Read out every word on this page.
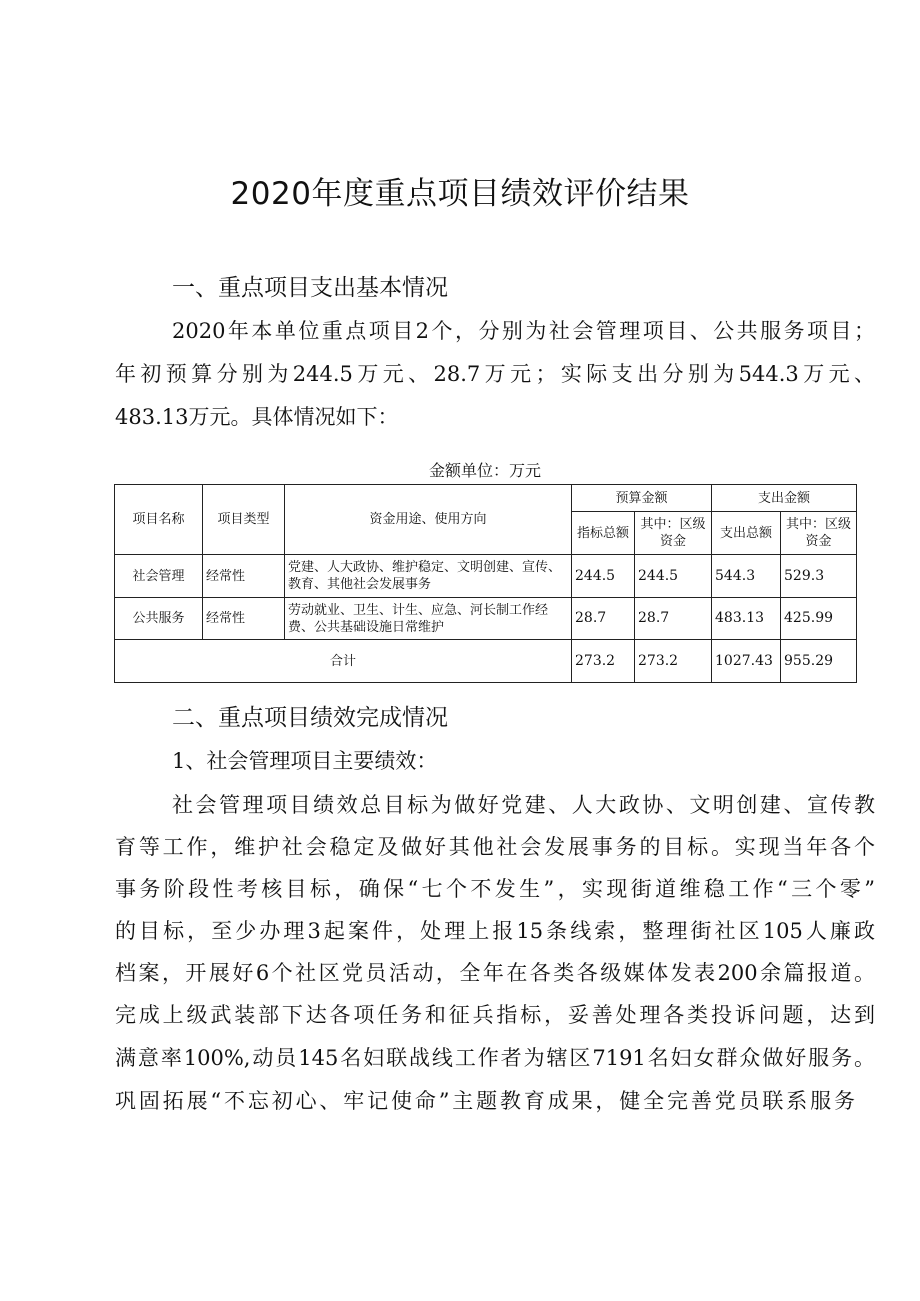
2020年度重点项目绩效评价结果
一、重点项目支出基本情况
2020年本单位重点项目2个，分别为社会管理项目、公共服务项目；
年初预算分别为244.5万元、28.7万元；实际支出分别为544.3万元、
483.13万元。具体情况如下：
金额单位：万元
项目名称	项目类型	资金用途、使用方向	预算金额		支出金额	
			指标总额	其中：区级资金	支出总额	其中：区级资金
社会管理	经常性	党建、人大政协、维护稳定、文明创建、宣传、教育、其他社会发展事务	244.5	244.5	544.3	529.3
公共服务	经常性	劳动就业、卫生、计生、应急、河长制工作经费、公共基础设施日常维护	28.7	28.7	483.13	425.99
合计			273.2	273.2	1027.43	955.29
二、重点项目绩效完成情况
1、社会管理项目主要绩效：
社会管理项目绩效总目标为做好党建、人大政协、文明创建、宣传教
育等工作，维护社会稳定及做好其他社会发展事务的目标。实现当年各个
事务阶段性考核目标，确保“七个不发生”，实现街道维稳工作“三个零”
的目标，至少办理3起案件，处理上报15条线索，整理街社区105人廉政
档案，开展好6个社区党员活动，全年在各类各级媒体发表200余篇报道。
完成上级武装部下达各项任务和征兵指标，妥善处理各类投诉问题，达到
满意率100%,动员145名妇联战线工作者为辖区7191名妇女群众做好服务。
巩固拓展“不忘初心、牢记使命”主题教育成果，健全完善党员联系服务
